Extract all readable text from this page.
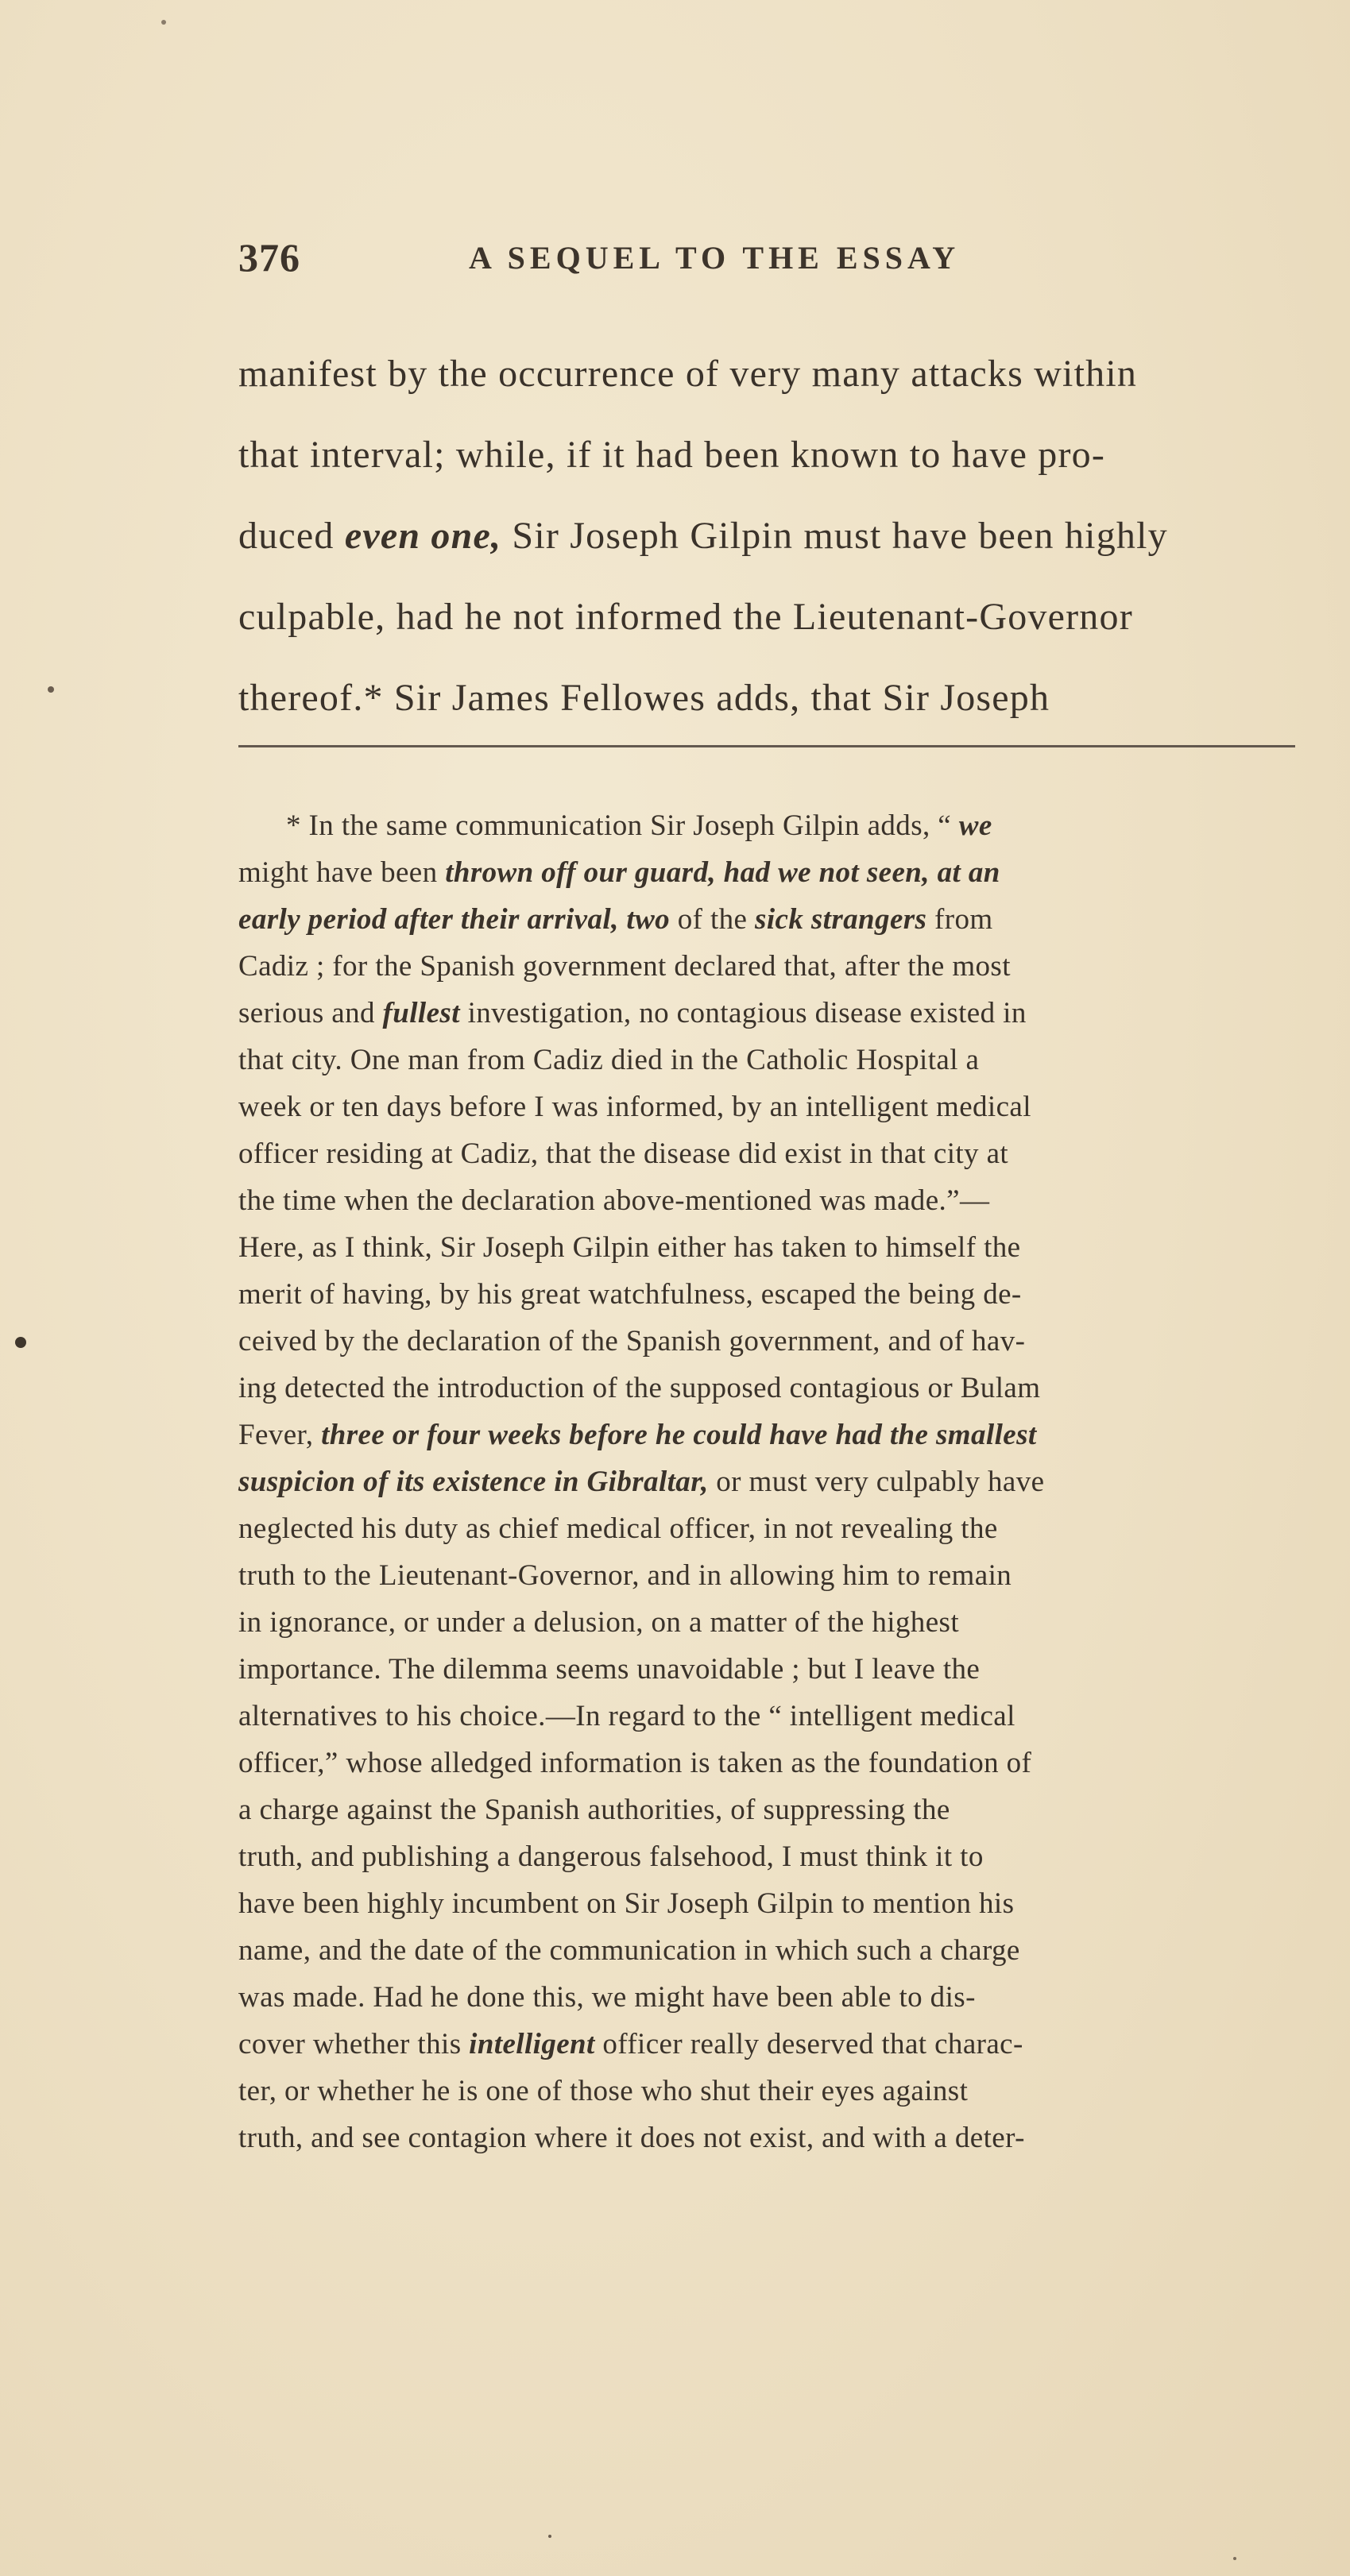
376	A SEQUEL TO THE ESSAY
manifest by the occurrence of very many attacks within
that interval; while, if it had been known to have pro-
duced even one, Sir Joseph Gilpin must have been highly
culpable, had he not informed the Lieutenant-Governor
thereof.* Sir James Fellowes adds, that Sir Joseph
* In the same communication Sir Joseph Gilpin adds, “ we
might have been thrown off our guard, had we not seen, at an
early period after their arrival, two of the sick strangers from
Cadiz ; for the Spanish government declared that, after the most
serious and fullest investigation, no contagious disease existed in
that city. One man from Cadiz died in the Catholic Hospital a
week or ten days before I was informed, by an intelligent medical
officer residing at Cadiz, that the disease did exist in that city at
the time when the declaration above-mentioned was made.”—
Here, as I think, Sir Joseph Gilpin either has taken to himself the
merit of having, by his great watchfulness, escaped the being de-
ceived by the declaration of the Spanish government, and of hav-
ing detected the introduction of the supposed contagious or Bulam
Fever, three or four weeks before he could have had the smallest
suspicion of its existence in Gibraltar, or must very culpably have
neglected his duty as chief medical officer, in not revealing the
truth to the Lieutenant-Governor, and in allowing him to remain
in ignorance, or under a delusion, on a matter of the highest
importance. The dilemma seems unavoidable ; but I leave the
alternatives to his choice.—In regard to the “ intelligent medical
officer,” whose alledged information is taken as the foundation of
a charge against the Spanish authorities, of suppressing the
truth, and publishing a dangerous falsehood, I must think it to
have been highly incumbent on Sir Joseph Gilpin to mention his
name, and the date of the communication in which such a charge
was made. Had he done this, we might have been able to dis-
cover whether this intelligent officer really deserved that charac-
ter, or whether he is one of those who shut their eyes against
truth, and see contagion where it does not exist, and with a deter-
